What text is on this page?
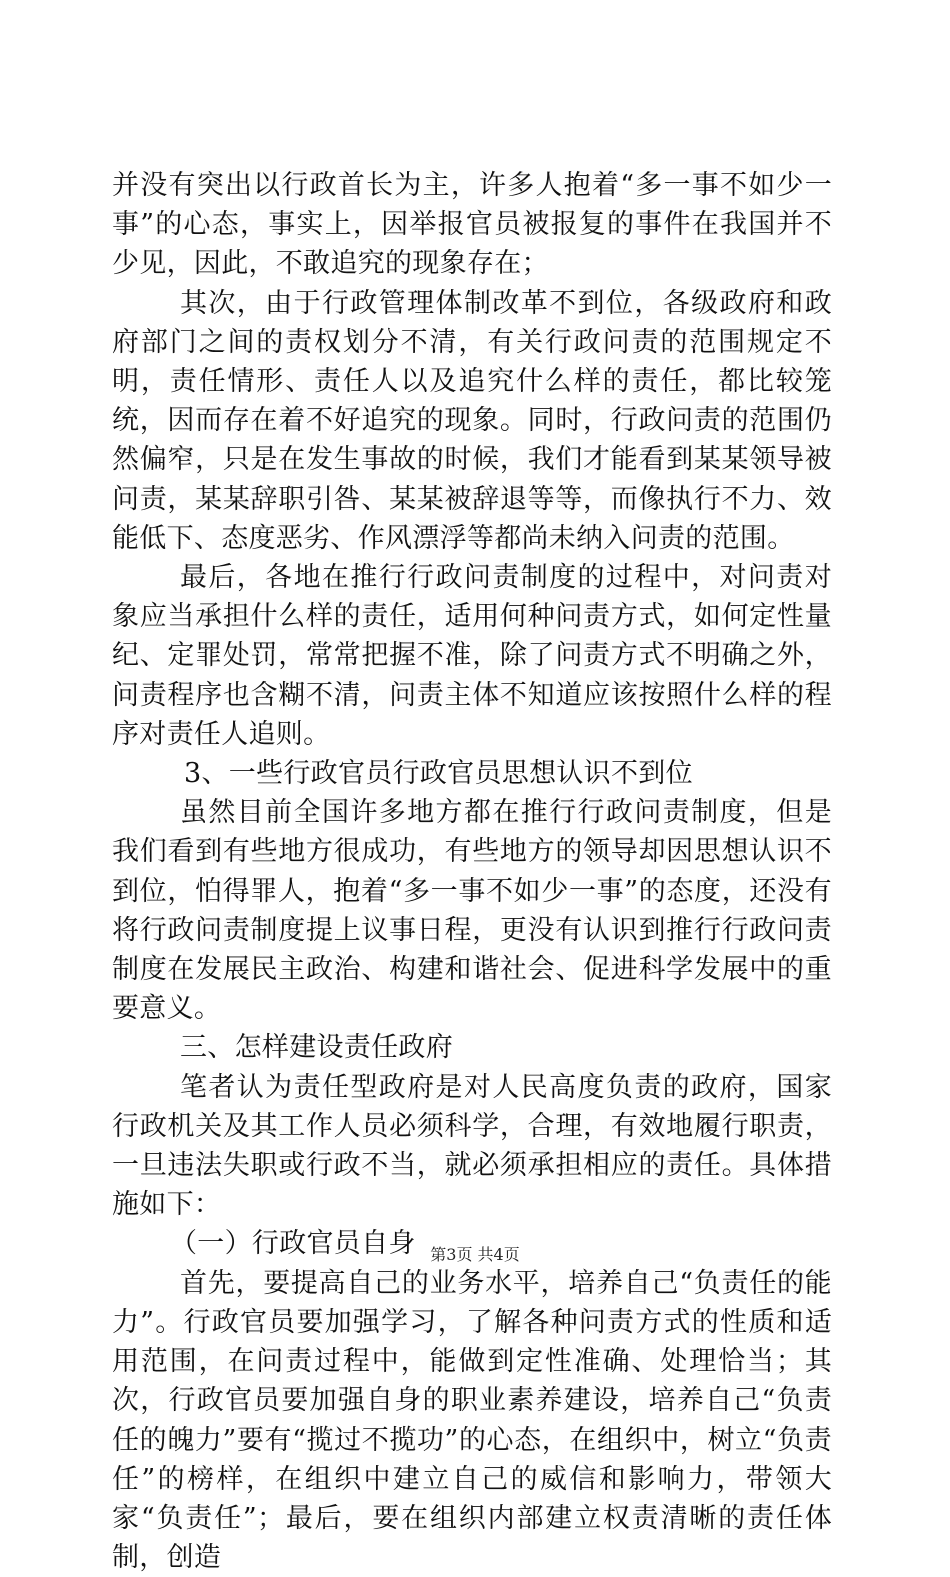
并没有突出以行政首长为主，许多人抱着“多一事不如少一事”的心态，事实上，因举报官员被报复的事件在我国并不少见，因此，不敢追究的现象存在；

其次，由于行政管理体制改革不到位，各级政府和政府部门之间的责权划分不清，有关行政问责的范围规定不明，责任情形、责任人以及追究什么样的责任，都比较笼统，因而存在着不好追究的现象。同时，行政问责的范围仍然偏窄，只是在发生事故的时候，我们才能看到某某领导被问责，某某辞职引咎、某某被辞退等等，而像执行不力、效能低下、态度恶劣、作风漂浮等都尚未纳入问责的范围。

最后，各地在推行行政问责制度的过程中，对问责对象应当承担什么样的责任，适用何种问责方式，如何定性量纪、定罪处罚，常常把握不准，除了问责方式不明确之外，问责程序也含糊不清，问责主体不知道应该按照什么样的程序对责任人追则。

3、一些行政官员行政官员思想认识不到位

虽然目前全国许多地方都在推行行政问责制度，但是我们看到有些地方很成功，有些地方的领导却因思想认识不到位，怕得罪人，抱着“多一事不如少一事”的态度，还没有将行政问责制度提上议事日程，更没有认识到推行行政问责制度在发展民主政治、构建和谐社会、促进科学发展中的重要意义。

三、怎样建设责任政府

笔者认为责任型政府是对人民高度负责的政府，国家行政机关及其工作人员必须科学，合理，有效地履行职责，一旦违法失职或行政不当，就必须承担相应的责任。具体措施如下：

（一）行政官员自身

首先，要提高自己的业务水平，培养自己“负责任的能力”。行政官员要加强学习，了解各种问责方式的性质和适用范围，在问责过程中，能做到定性准确、处理恰当；其次，行政官员要加强自身的职业素养建设，培养自己“负责任的魄力”要有“揽过不揽功”的心态，在组织中，树立“负责任”的榜样，在组织中建立自己的威信和影响力，带领大家“负责任”；最后，要在组织内部建立权责清晰的责任体制，创造

第3页 共4页
